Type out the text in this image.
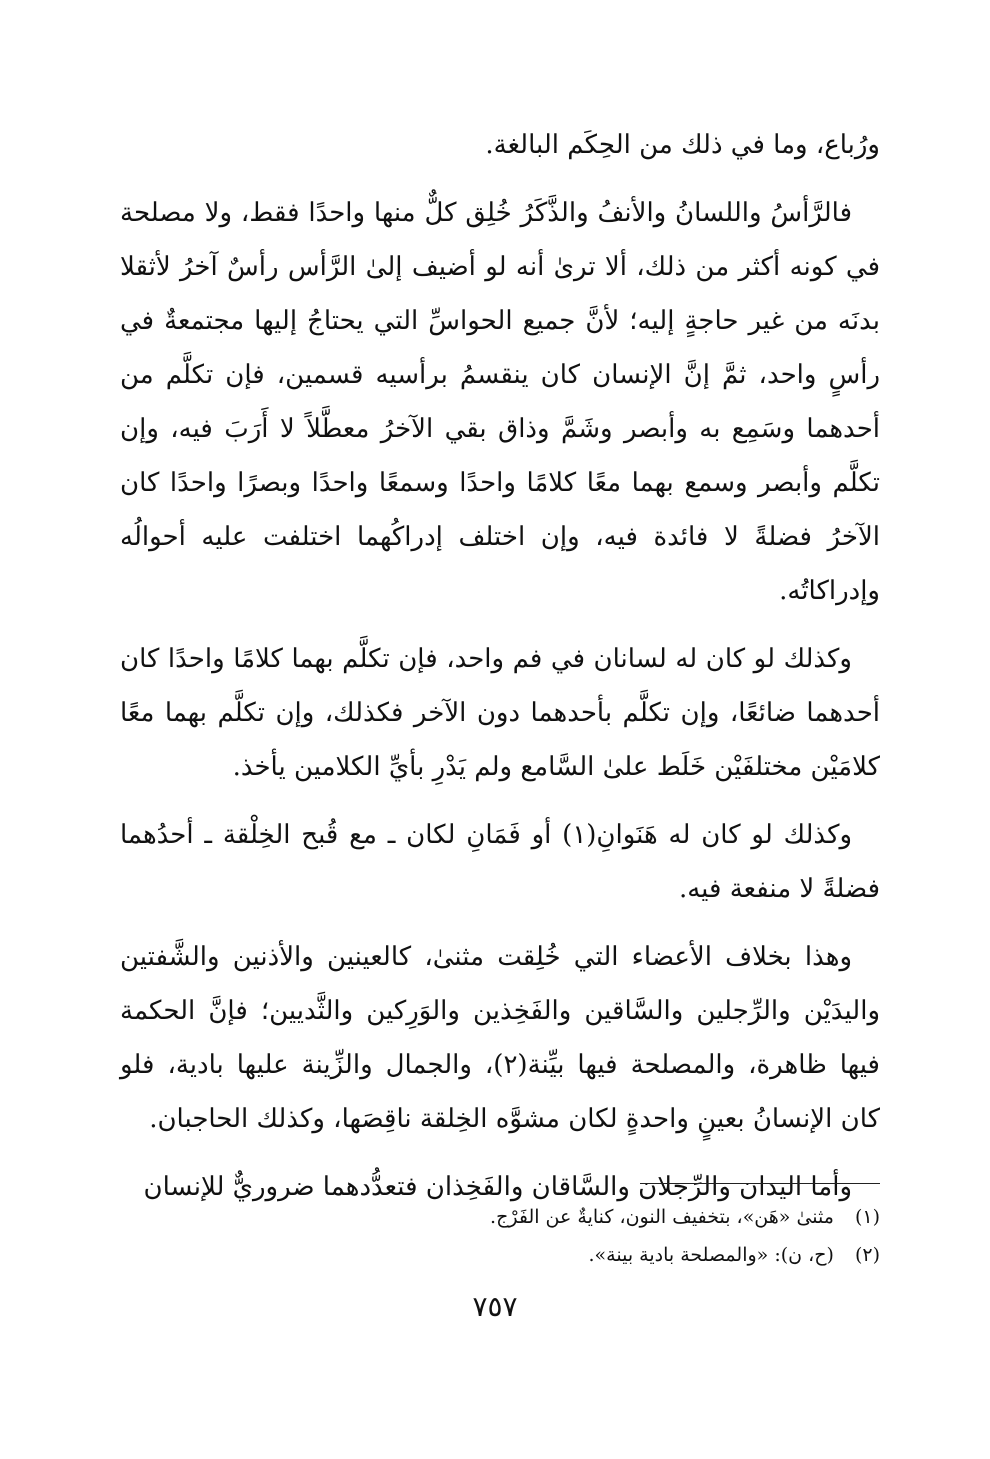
ورُباع، وما في ذلك من الحِكَم البالغة.

فالرَّأسُ واللسانُ والأنفُ والذَّكَرُ خُلِق كلٌّ منها واحدًا فقط، ولا مصلحة في كونه أكثر من ذلك، ألا ترىٰ أنه لو أضيف إلىٰ الرَّأس رأسٌ آخرُ لأثقلا بدنَه من غير حاجةٍ إليه؛ لأنَّ جميع الحواسِّ التي يحتاجُ إليها مجتمعةٌ في رأسٍ واحد، ثمَّ إنَّ الإنسان كان ينقسمُ برأسيه قسمين، فإن تكلَّم من أحدهما وسَمِع به وأبصر وشَمَّ وذاق بقي الآخرُ معطَّلاً لا أَرَبَ فيه، وإن تكلَّم وأبصر وسمع بهما معًا كلامًا واحدًا وسمعًا واحدًا وبصرًا واحدًا كان الآخرُ فضلةً لا فائدة فيه، وإن اختلف إدراكُهما اختلفت عليه أحوالُه وإدراكاتُه.

وكذلك لو كان له لسانان في فم واحد، فإن تكلَّم بهما كلامًا واحدًا كان أحدهما ضائعًا، وإن تكلَّم بأحدهما دون الآخر فكذلك، وإن تكلَّم بهما معًا كلامَيْن مختلفَيْن خَلَط علىٰ السَّامع ولم يَدْرِ بأيِّ الكلامين يأخذ.

وكذلك لو كان له هَنَوانِ(١) أو فَمَانِ لكان ـ مع قُبح الخِلْقة ـ أحدُهما فضلةً لا منفعة فيه.

وهذا بخلاف الأعضاء التي خُلِقت مثنىٰ، كالعينين والأذنين والشَّفتين واليدَيْن والرِّجلين والسَّاقين والفَخِذين والوَرِكين والثَّديين؛ فإنَّ الحكمة فيها ظاهرة، والمصلحة فيها بيِّنة(٢)، والجمال والزِّينة عليها بادية، فلو كان الإنسانُ بعينٍ واحدةٍ لكان مشوَّه الخِلقة ناقِصَها، وكذلك الحاجبان.

وأما اليدان والرِّجلان والسَّاقان والفَخِذان فتعدُّدهما ضروريٌّ للإنسان

(١) مثنىٰ «هَن»، بتخفيف النون، كنايةٌ عن الفَرْج.

(٢) (ح، ن): «والمصلحة بادية بينة».

٧٥٧
